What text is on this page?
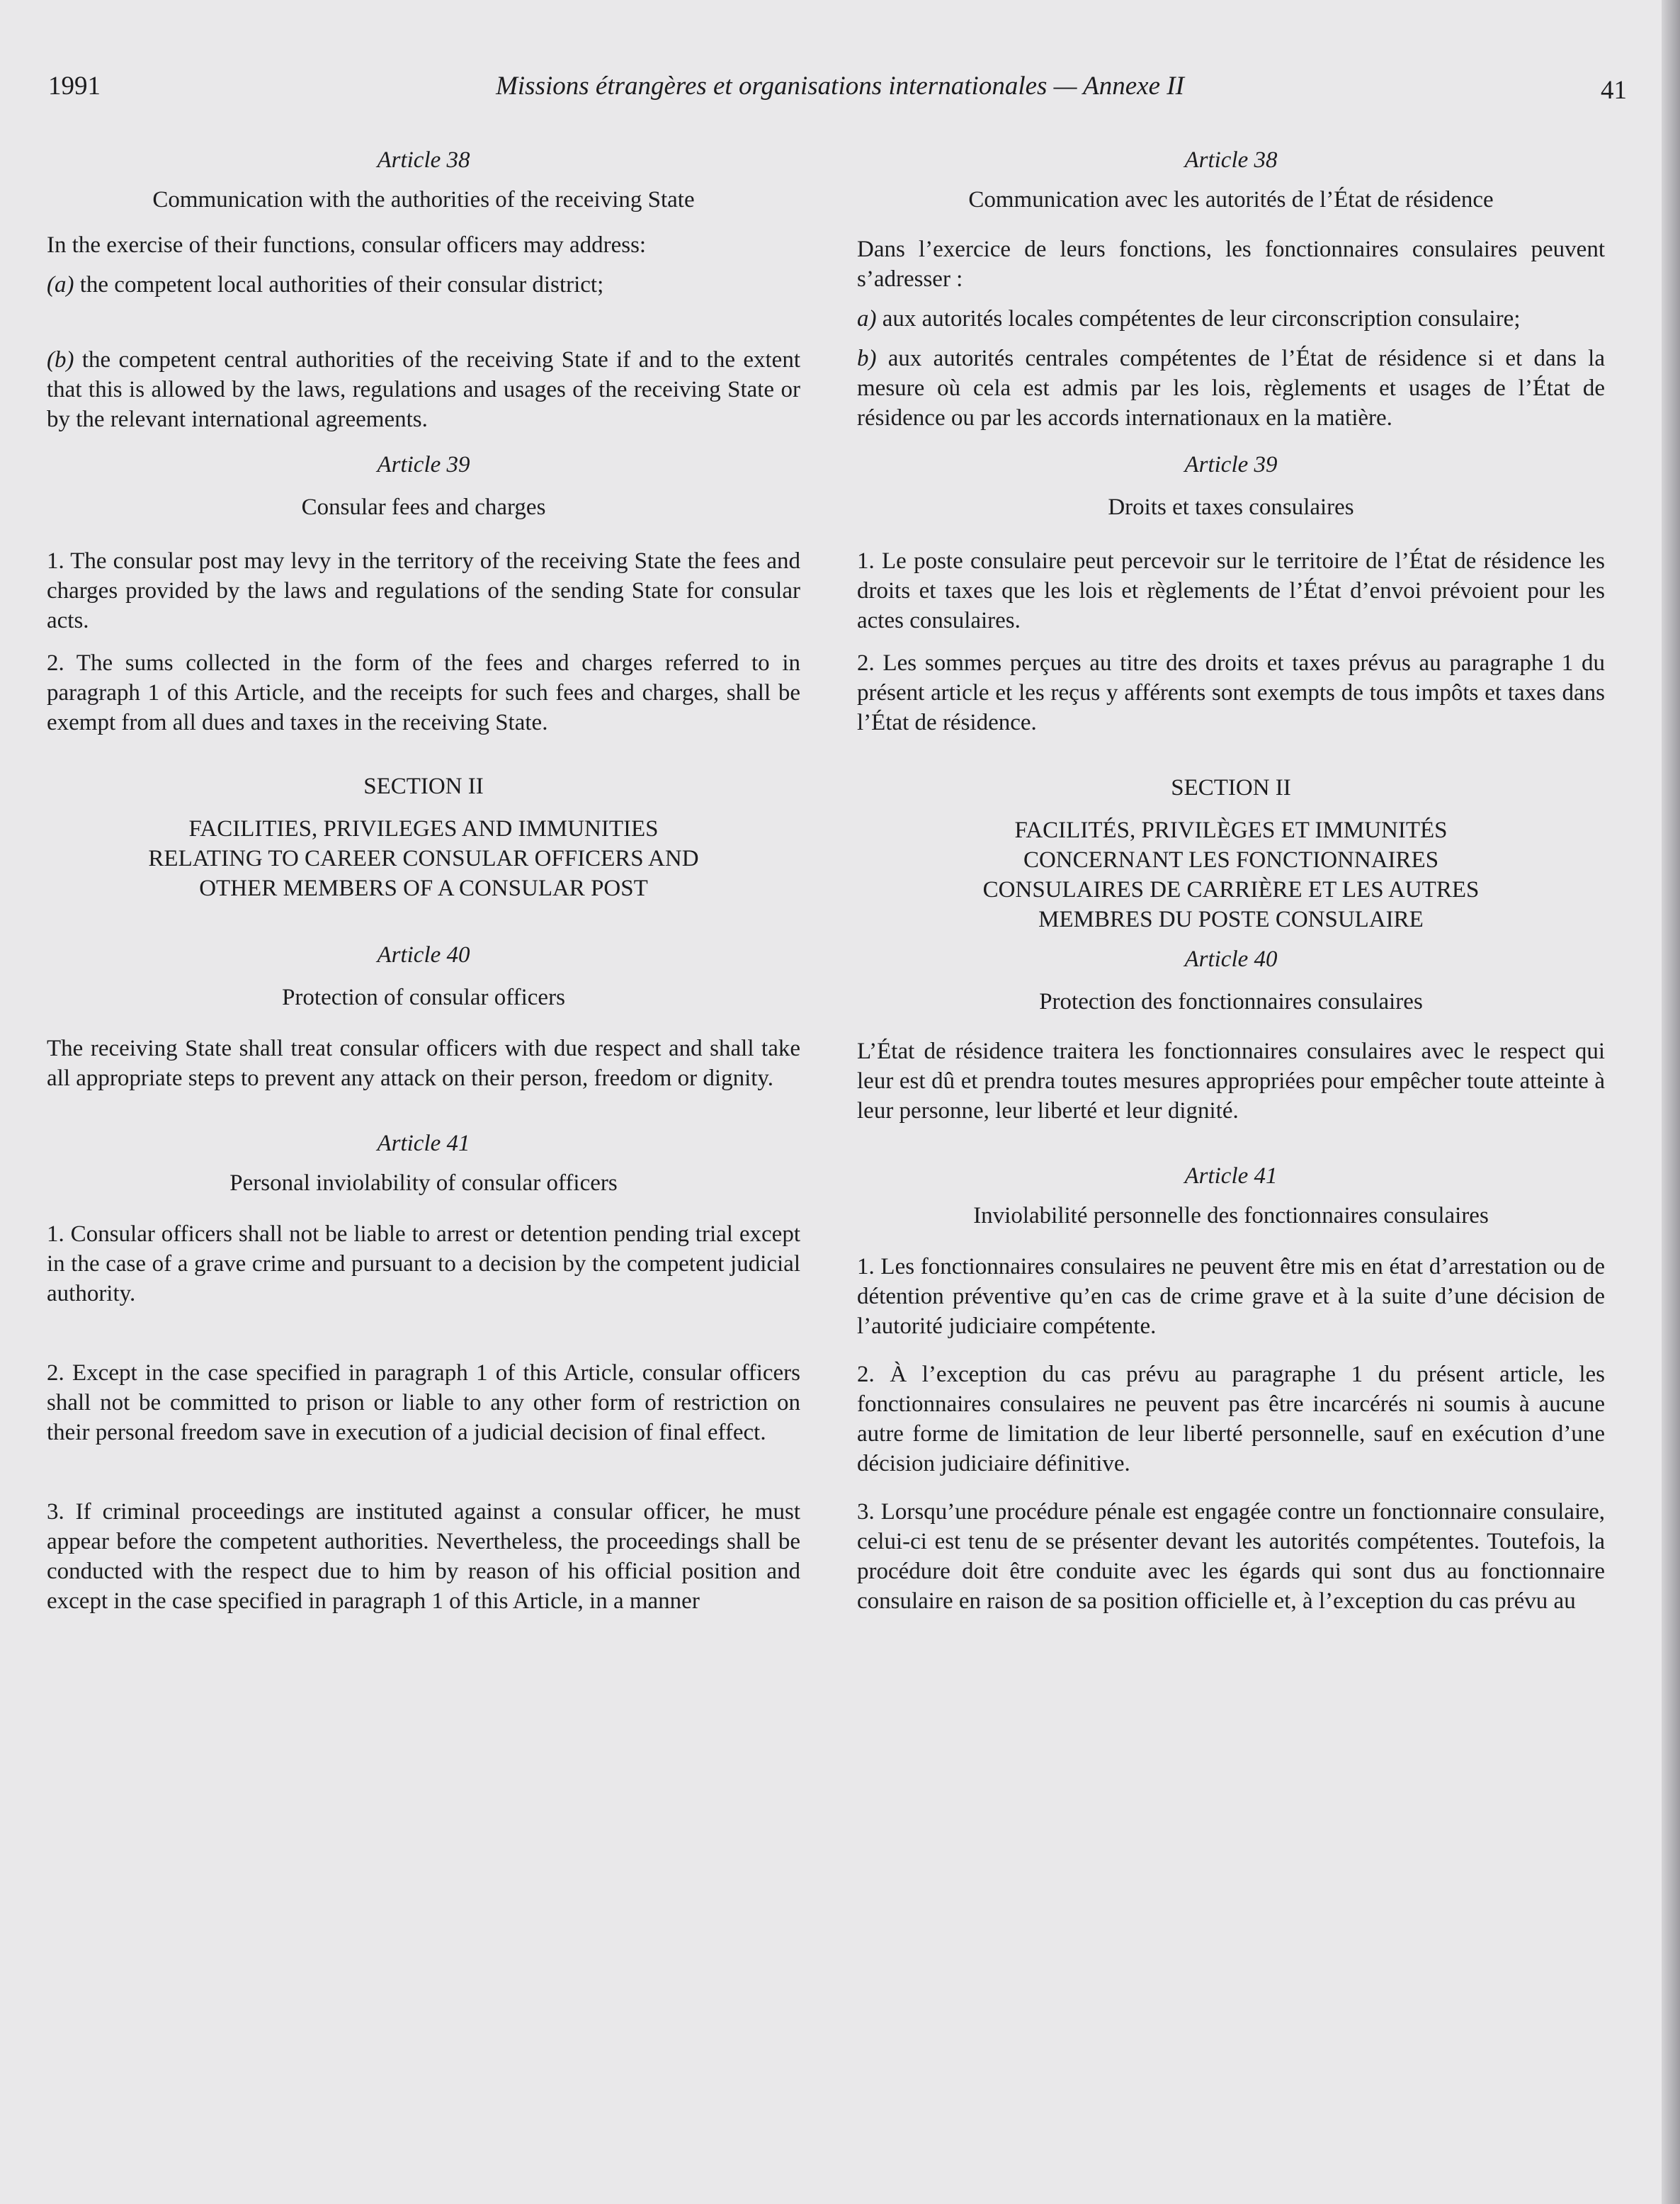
1991	Missions étrangères et organisations internationales — Annexe II	41

Article 38

Communication with the authorities of the receiving State

In the exercise of their functions, consular officers may address:

(a) the competent local authorities of their consular district;

(b) the competent central authorities of the receiving State if and to the extent that this is allowed by the laws, regulations and usages of the receiving State or by the relevant international agreements.

Article 39

Consular fees and charges

1. The consular post may levy in the territory of the receiving State the fees and charges provided by the laws and regulations of the sending State for consular acts.

2. The sums collected in the form of the fees and charges referred to in paragraph 1 of this Article, and the receipts for such fees and charges, shall be exempt from all dues and taxes in the receiving State.

SECTION II

FACILITIES, PRIVILEGES AND IMMUNITIES

RELATING TO CAREER CONSULAR OFFICERS AND

OTHER MEMBERS OF A CONSULAR POST

Article 40

Protection of consular officers

The receiving State shall treat consular officers with due respect and shall take all appropriate steps to prevent any attack on their person, freedom or dignity.

Article 41

Personal inviolability of consular officers

1. Consular officers shall not be liable to arrest or detention pending trial except in the case of a grave crime and pursuant to a decision by the competent judicial authority.

2. Except in the case specified in paragraph 1 of this Article, consular officers shall not be committed to prison or liable to any other form of restriction on their personal freedom save in execution of a judicial decision of final effect.

3. If criminal proceedings are instituted against a consular officer, he must appear before the competent authorities. Nevertheless, the proceedings shall be conducted with the respect due to him by reason of his official position and except in the case specified in paragraph 1 of this Article, in a manner

Article 38

Communication avec les autorités de l’État de résidence

Dans l’exercice de leurs fonctions, les fonctionnaires consulaires peuvent s’adresser :

a) aux autorités locales compétentes de leur circonscription consulaire;

b) aux autorités centrales compétentes de l’État de résidence si et dans la mesure où cela est admis par les lois, règlements et usages de l’État de résidence ou par les accords internationaux en la matière.

Article 39

Droits et taxes consulaires

1. Le poste consulaire peut percevoir sur le territoire de l’État de résidence les droits et taxes que les lois et règlements de l’État d’envoi prévoient pour les actes consulaires.

2. Les sommes perçues au titre des droits et taxes prévus au paragraphe 1 du présent article et les reçus y afférents sont exempts de tous impôts et taxes dans l’État de résidence.

SECTION II

FACILITÉS, PRIVILÈGES ET IMMUNITÉS

CONCERNANT LES FONCTIONNAIRES

CONSULAIRES DE CARRIÈRE ET LES AUTRES

MEMBRES DU POSTE CONSULAIRE

Article 40

Protection des fonctionnaires consulaires

L’État de résidence traitera les fonctionnaires consulaires avec le respect qui leur est dû et prendra toutes mesures appropriées pour empêcher toute atteinte à leur personne, leur liberté et leur dignité.

Article 41

Inviolabilité personnelle des fonctionnaires consulaires

1. Les fonctionnaires consulaires ne peuvent être mis en état d’arrestation ou de détention préventive qu’en cas de crime grave et à la suite d’une décision de l’autorité judiciaire compétente.

2. À l’exception du cas prévu au paragraphe 1 du présent article, les fonctionnaires consulaires ne peuvent pas être incarcérés ni soumis à aucune autre forme de limitation de leur liberté personnelle, sauf en exécution d’une décision judiciaire définitive.

3. Lorsqu’une procédure pénale est engagée contre un fonctionnaire consulaire, celui-ci est tenu de se présenter devant les autorités compétentes. Toutefois, la procédure doit être conduite avec les égards qui sont dus au fonctionnaire consulaire en raison de sa position officielle et, à l’exception du cas prévu au
